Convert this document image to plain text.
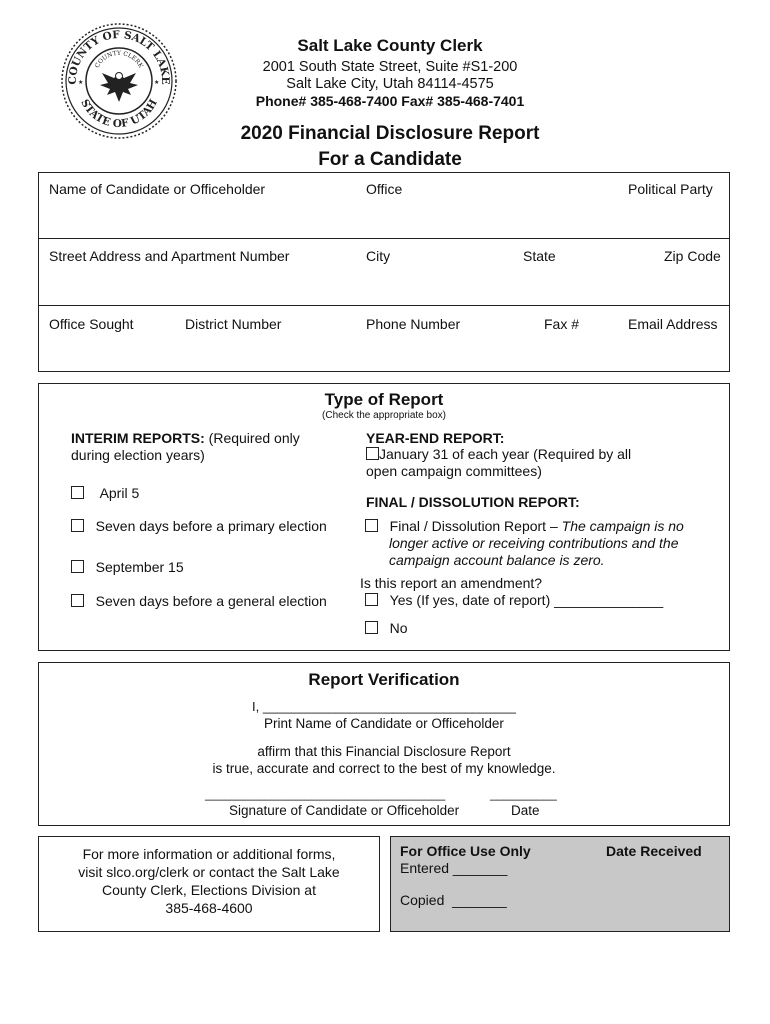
COUNTY OF SALT LAKE
STATE OF UTAH
COUNTY CLERK
★	★
Salt Lake County Clerk
2001 South State Street, Suite #S1-200
Salt Lake City, Utah 84114-4575
Phone# 385-468-7400 Fax# 385-468-7401
2020 Financial Disclosure Report
For a Candidate
Name of Candidate or Officeholder	Office	Political Party
Street Address and Apartment Number	City	State	Zip Code
Office Sought	District Number	Phone Number	Fax #	Email Address
Type of Report
(Check the appropriate box)
INTERIM REPORTS: (Required only
during election years)
April 5
Seven days before a primary election
September 15
Seven days before a general election
YEAR-END REPORT:
January 31 of each year (Required by all
open campaign committees)
FINAL / DISSOLUTION REPORT:
Final / Dissolution Report – The campaign is no
longer active or receiving contributions and the
campaign account balance is zero.
Is this report an amendment?
Yes (If yes, date of report) ______________
No
Report Verification
I, ___________________________________
Print Name of Candidate or Officeholder
affirm that this Financial Disclosure Report
is true, accurate and correct to the best of my knowledge.
____________________________________	__________
Signature of Candidate or Officeholder	Date
For more information or additional forms,
visit slco.org/clerk or contact the Salt Lake
County Clerk, Elections Division at
385-468-4600
For Office Use Only	Date Received
Entered _______
Copied  _______
